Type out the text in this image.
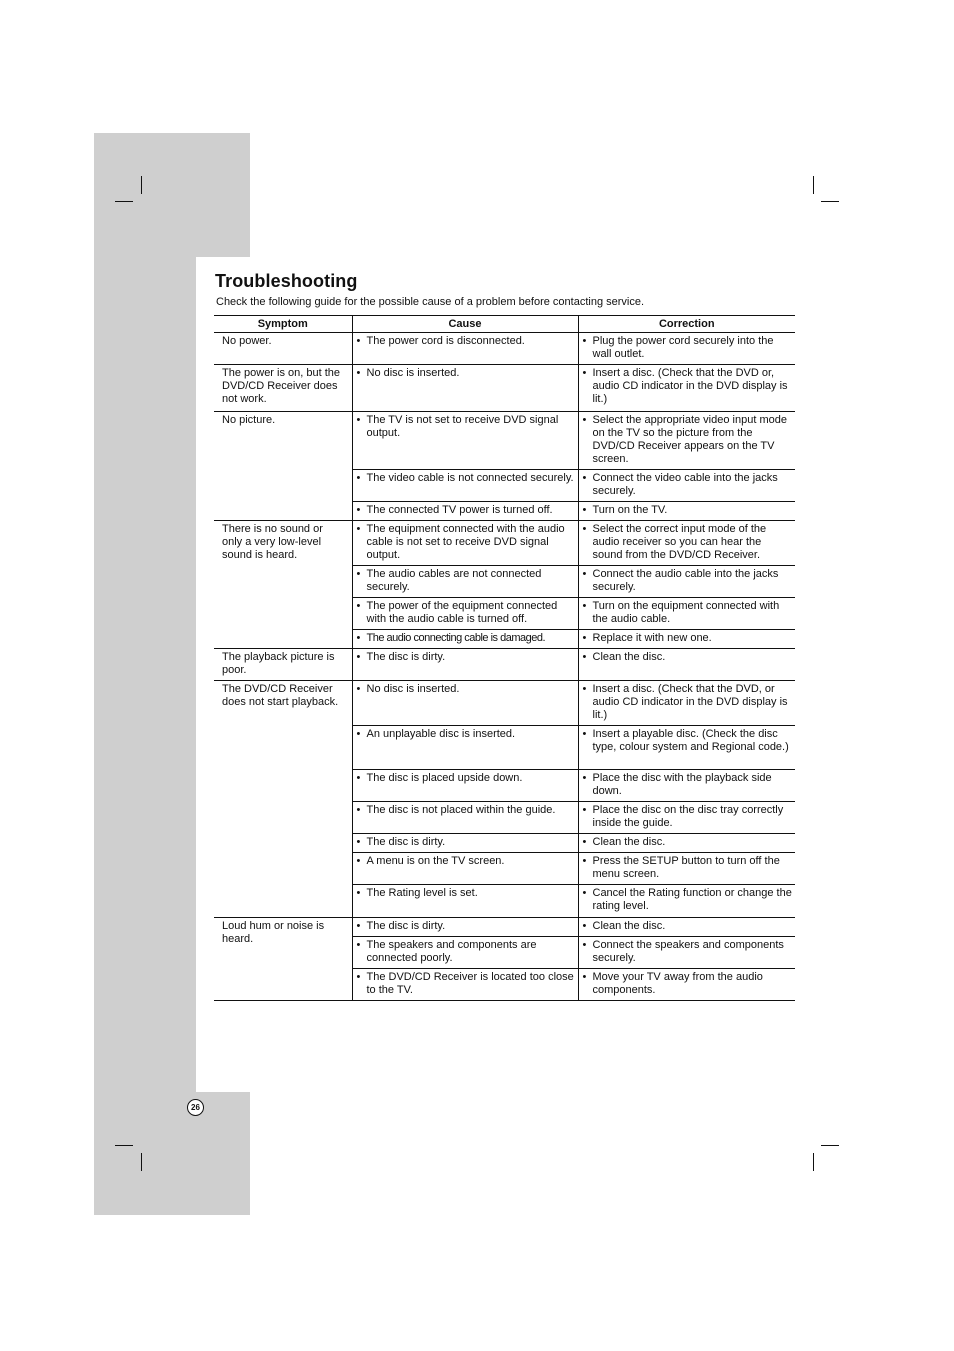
Troubleshooting
Check the following guide for the possible cause of a problem before contacting service.
Symptom	Cause	Correction
No power.	• The power cord is disconnected.	• Plug the power cord securely into the wall outlet.

The power is on, but the DVD/CD Receiver does not work.	• No disc is inserted.	• Insert a disc. (Check that the DVD or, audio CD indicator in the DVD display is lit.)

No picture.	• The TV is not set to receive DVD signal output.	• Select the appropriate video input mode on the TV so the picture from the DVD/CD Receiver appears on the TV screen.

	• The video cable is not connected securely.	• Connect the video cable into the jacks securely.

	• The connected TV power is turned off.	• Turn on the TV.

There is no sound or only a very low-level sound is heard.	• The equipment connected with the audio cable is not set to receive DVD signal output.	• Select the correct input mode of the audio receiver so you can hear the sound from the DVD/CD Receiver.

	• The audio cables are not connected securely.	• Connect the audio cable into the jacks securely.

	• The power of the equipment connected with the audio cable is turned off.	• Turn on the equipment connected with the audio cable.

	• The audio connecting cable is damaged.	• Replace it with new one.

The playback picture is poor.	• The disc is dirty.	• Clean the disc.

The DVD/CD Receiver does not start playback.	• No disc is inserted.	• Insert a disc. (Check that the DVD, or audio CD indicator in the DVD display is lit.)

	• An unplayable disc is inserted.	• Insert a playable disc. (Check the disc type, colour system and Regional code.)

	• The disc is placed upside down.	• Place the disc with the playback side down.

	• The disc is not placed within the guide.	• Place the disc on the disc tray correctly inside the guide.

	• The disc is dirty.	• Clean the disc.

	• A menu is on the TV screen.	• Press the SETUP button to turn off the menu screen.

	• The Rating level is set.	• Cancel the Rating function or change the rating level.

Loud hum or noise is heard.	• The disc is dirty.	• Clean the disc.

	• The speakers and components are connected poorly.	• Connect the speakers and components securely.

	• The DVD/CD Receiver is located too close to the TV.	• Move your TV away from the audio components.
26
